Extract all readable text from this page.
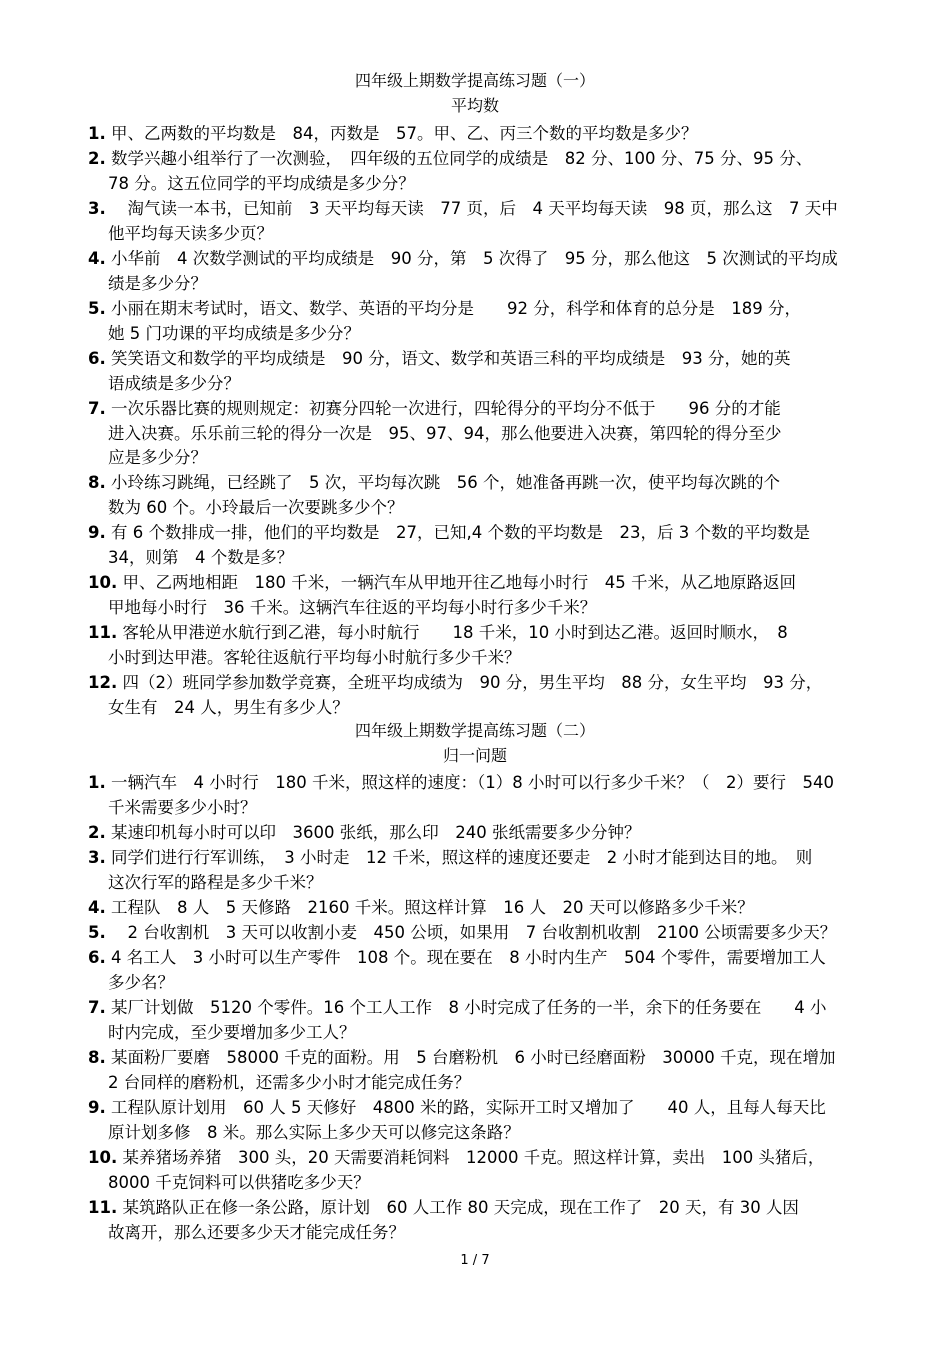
四年级上期数学提高练习题（一）
平均数
1. 甲、乙两数的平均数是　84，丙数是　57。甲、乙、丙三个数的平均数是多少？
2. 数学兴趣小组举行了一次测验，　四年级的五位同学的成绩是　82 分、100 分、75 分、95 分、
78 分。这五位同学的平均成绩是多少分？
3. 　淘气读一本书，已知前　3 天平均每天读　77 页，后　4 天平均每天读　98 页，那么这　7 天中
他平均每天读多少页？
4. 小华前　4 次数学测试的平均成绩是　90 分，第　5 次得了　95 分，那么他这　5 次测试的平均成
绩是多少分？
5. 小丽在期末考试时，语文、数学、英语的平均分是　　92 分，科学和体育的总分是　189 分，
她 5 门功课的平均成绩是多少分？
6. 笑笑语文和数学的平均成绩是　90 分，语文、数学和英语三科的平均成绩是　93 分，她的英
语成绩是多少分？
7. 一次乐器比赛的规则规定：初赛分四轮一次进行，四轮得分的平均分不低于　　96 分的才能
进入决赛。乐乐前三轮的得分一次是　95、97、94，那么他要进入决赛，第四轮的得分至少
应是多少分？
8. 小玲练习跳绳，已经跳了　5 次，平均每次跳　56 个，她准备再跳一次，使平均每次跳的个
数为 60 个。小玲最后一次要跳多少个？
9. 有 6 个数排成一排，他们的平均数是　27，已知,4 个数的平均数是　23，后 3 个数的平均数是
34，则第　4 个数是多？
10. 甲、乙两地相距　180 千米，一辆汽车从甲地开往乙地每小时行　45 千米，从乙地原路返回
甲地每小时行　36 千米。这辆汽车往返的平均每小时行多少千米？
11. 客轮从甲港逆水航行到乙港，每小时航行　　18 千米，10 小时到达乙港。返回时顺水，　8
小时到达甲港。客轮往返航行平均每小时航行多少千米？
12. 四（2）班同学参加数学竞赛，全班平均成绩为　90 分，男生平均　88 分，女生平均　93 分，
女生有　24 人，男生有多少人？
四年级上期数学提高练习题（二）
归一问题
1. 一辆汽车　4 小时行　180 千米，照这样的速度：（1）8 小时可以行多少千米？（　2）要行　540
千米需要多少小时？
2. 某速印机每小时可以印　3600 张纸，那么印　240 张纸需要多少分钟？
3. 同学们进行行军训练，　3 小时走　12 千米，照这样的速度还要走　2 小时才能到达目的地。　则
这次行军的路程是多少千米？
4. 工程队　8 人　5 天修路　2160 千米。照这样计算　16 人　20 天可以修路多少千米？
5. 　2 台收割机　3 天可以收割小麦　450 公顷，如果用　7 台收割机收割　2100 公顷需要多少天？
6. 4 名工人　3 小时可以生产零件　108 个。现在要在　8 小时内生产　504 个零件，需要增加工人
多少名？
7. 某厂计划做　5120 个零件。16 个工人工作　8 小时完成了任务的一半，余下的任务要在　　4 小
时内完成，至少要增加多少工人？
8. 某面粉厂要磨　58000 千克的面粉。用　5 台磨粉机　6 小时已经磨面粉　30000 千克，现在增加
2 台同样的磨粉机，还需多少小时才能完成任务？
9. 工程队原计划用　60 人 5 天修好　4800 米的路，实际开工时又增加了　　40 人，且每人每天比
原计划多修　8 米。那么实际上多少天可以修完这条路？
10. 某养猪场养猪　300 头，20 天需要消耗饲料　12000 千克。照这样计算，卖出　100 头猪后，
8000 千克饲料可以供猪吃多少天？
11. 某筑路队正在修一条公路，原计划　60 人工作 80 天完成，现在工作了　20 天，有 30 人因
故离开，那么还要多少天才能完成任务？
1 / 7
